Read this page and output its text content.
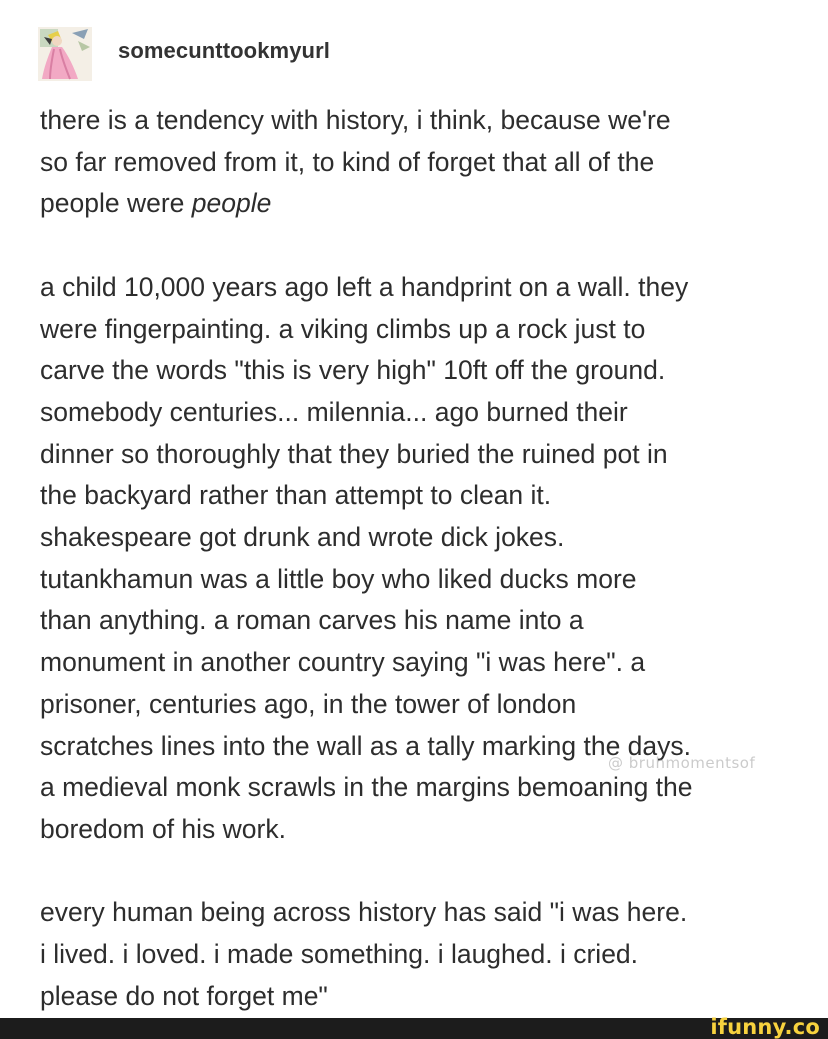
somecunttookmyurl

there is a tendency with history, i think, because we're
so far removed from it, to kind of forget that all of the
people were people

a child 10,000 years ago left a handprint on a wall. they
were fingerpainting. a viking climbs up a rock just to
carve the words "this is very high" 10ft off the ground.
somebody centuries... milennia... ago burned their
dinner so thoroughly that they buried the ruined pot in
the backyard rather than attempt to clean it.
shakespeare got drunk and wrote dick jokes.
tutankhamun was a little boy who liked ducks more
than anything. a roman carves his name into a
monument in another country saying "i was here". a
prisoner, centuries ago, in the tower of london
scratches lines into the wall as a tally marking the days.
a medieval monk scrawls in the margins bemoaning the
boredom of his work.

every human being across history has said "i was here.
i lived. i loved. i made something. i laughed. i cried.
please do not forget me"

@ bruhmomentsof
ifunny.co
